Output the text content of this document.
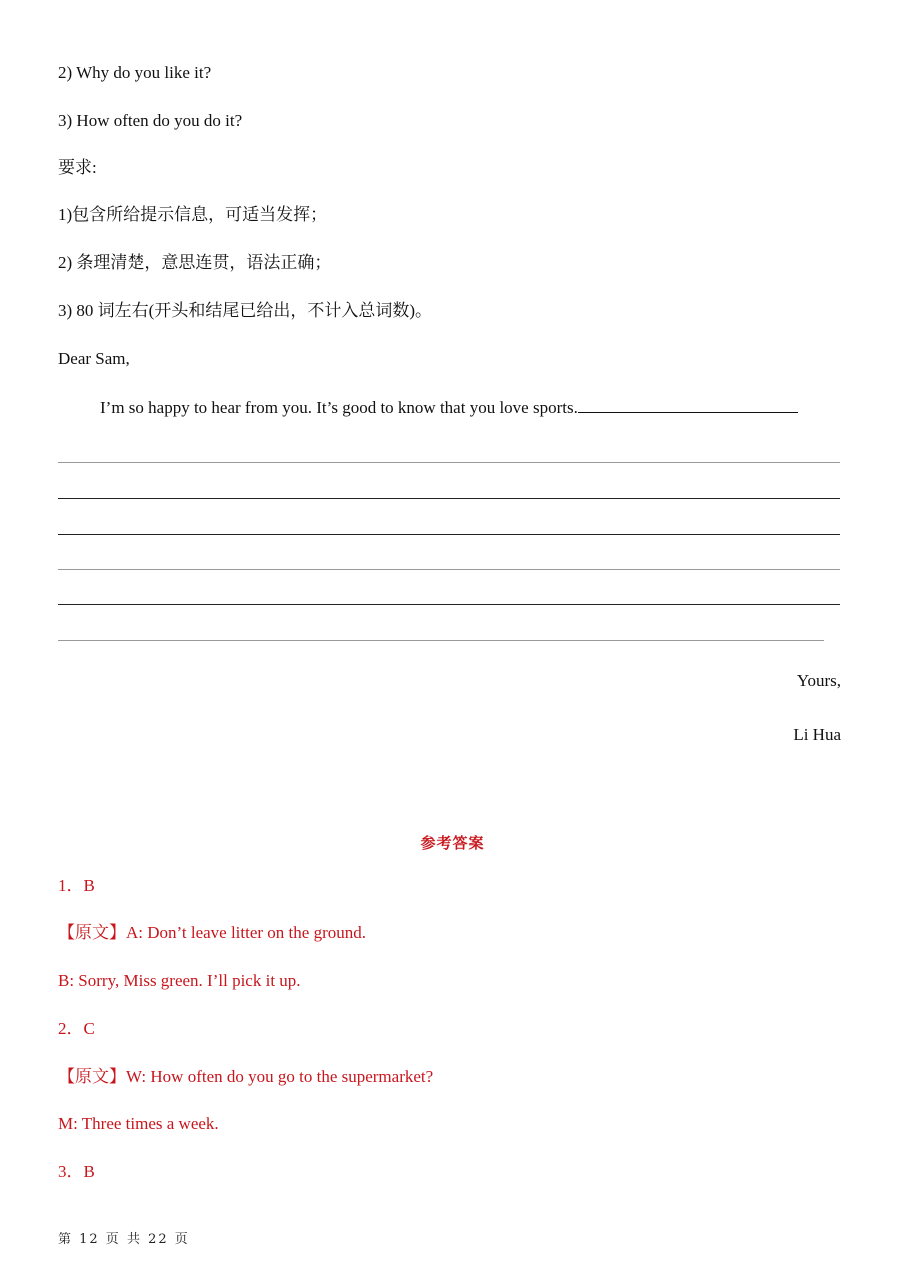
2) Why do you like it?
3) How often do you do it?
要求:
1)包含所给提示信息，可适当发挥；
2) 条理清楚，意思连贯，语法正确；
3) 80 词左右(开头和结尾已给出，不计入总词数)。
Dear Sam,
I’m so happy to hear from you. It’s good to know that you love sports.
Yours,
Li Hua
参考答案
1．B
【原文】A: Don’t leave litter on the ground.
B: Sorry, Miss green. I’ll pick it up.
2．C
【原文】W: How often do you go to the supermarket?
M: Three times a week.
3．B
第 12 页 共 22 页
